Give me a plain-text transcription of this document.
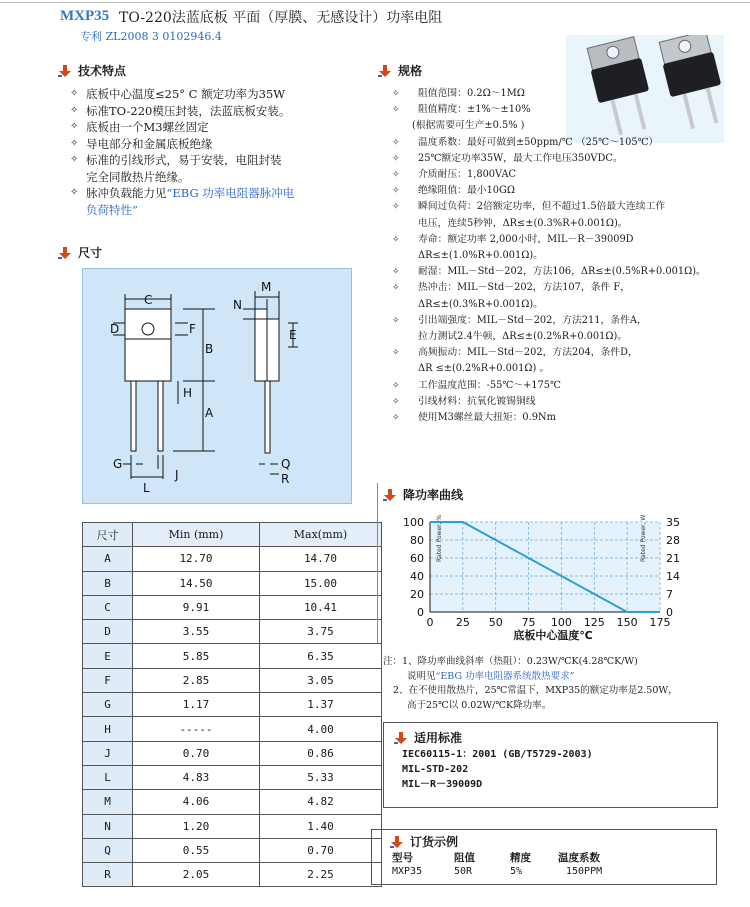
MXP35 TO-220法蓝底板 平面（厚膜、无感设计）功率电阻
专利 ZL2008 3 0102946.4
技术特点
✧ 底板中心温度≤25° C 额定功率为35W
✧ 标准TO-220模压封装，法蓝底板安装。
✧ 底板由一个M3螺丝固定
✧ 导电部分和金属底板绝缘
✧ 标准的引线形式，易于安装，电阻封装
完全同散热片绝缘。
✧ 脉冲负载能力见“EBG 功率电阻器脉冲电
负荷特性”
规格
✧ 阻值范围：0.2Ω～1MΩ
✧ 阻值精度：±1%～±10%
(根据需要可生产±0.5% )
✧ 温度系数：最好可做到±50ppm/℃ （25℃～105℃）
✧ 25℃额定功率35W，最大工作电压350VDC。
✧ 介质耐压：1,800VAC
✧ 绝缘阻值：最小10GΩ
✧ 瞬间过负荷：2倍额定功率，但不超过1.5倍最大连续工作
电压，连续5秒钟，ΔR≤±(0.3%R+0.001Ω)。
✧ 寿命：额定功率 2,000小时，MIL－R－39009D
ΔR≤±(1.0%R+0.001Ω)。
✧ 耐湿：MIL－Std－202，方法106，ΔR≤±(0.5%R+0.001Ω)。
✧ 热冲击：MIL－Std－202，方法107，条件 F，
ΔR≤±(0.3%R+0.001Ω)。
✧ 引出端强度：MIL－Std－202，方法211，条件A，
拉力测试2.4牛顿，ΔR≤±(0.2%R+0.001Ω)。
✧ 高频振动：MIL－Std－202，方法204，条件D，
ΔR ≤±(0.2%R+0.001Ω) 。
✧ 工作温度范围：-55℃～+175℃
✧ 引线材料：抗氧化镀锡铜线
✧ 使用M3螺丝最大扭矩：0.9Nm
尺寸
C
D	F
B
H
A
G
L
J
N
M
E
Q
R
尺寸	Min (mm)	Max(mm)
A	12.70	14.70
B	14.50	15.00
C	9.91	10.41
D	3.55	3.75
E	5.85	6.35
F	2.85	3.05
G	1.17	1.37
H	-----	4.00
J	0.70	0.86
L	4.83	5.33
M	4.06	4.82
N	1.20	1.40
Q	0.55	0.70
R	2.05	2.25
降功率曲线
0
20
40
60
80
100
0
7
14
21
28
35
0 25 50 75 100 125 150 175
Rated Power, %	Rated Power, W
底板中心温度℃
注：1、降功率曲线斜率（热阻）：0.23W/℃K(4.28℃K/W)
说明见“EBG 功率电阻器系统散热要求”
2、在不使用散热片，25℃常温下，MXP35的额定功率是2.50W，
高于25℃以 0.02W/℃K降功率。
适用标准
IEC60115-1：2001 (GB/T5729-2003)
MIL-STD-202
MIL－R－39009D
订货示例
型号	阻值	精度	温度系数
MXP35	50R	5%	150PPM
